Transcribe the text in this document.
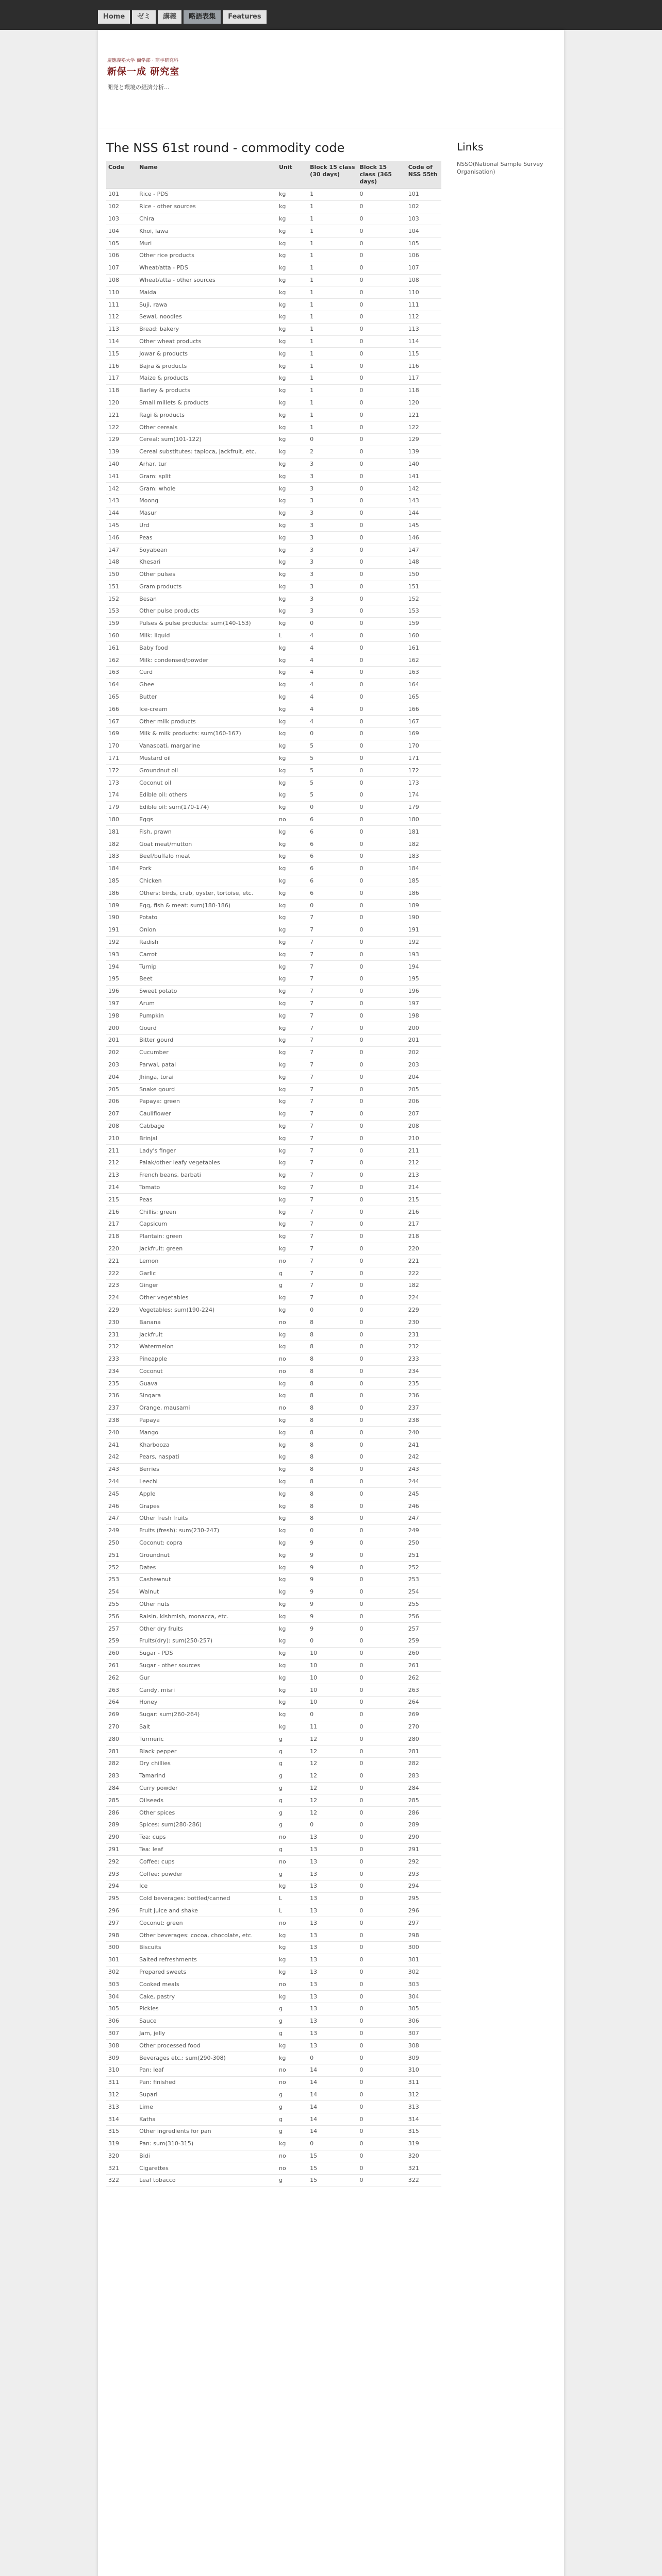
Home	ゼミ	講義	略語表集	Features
慶應義塾大学 商学部・商学研究科
新保一成 研究室
開発と環境の経済分析...
The NSS 61st round - commodity code
Code	Name	Unit	Block 15 class (30 days)	Block 15 class (365 days)	Code of NSS 55th
101	Rice - PDS	kg	1	0	101
102	Rice - other sources	kg	1	0	102
103	Chira	kg	1	0	103
104	Khoi, lawa	kg	1	0	104
105	Muri	kg	1	0	105
106	Other rice products	kg	1	0	106
107	Wheat/atta - PDS	kg	1	0	107
108	Wheat/atta - other sources	kg	1	0	108
110	Maida	kg	1	0	110
111	Suji, rawa	kg	1	0	111
112	Sewai, noodles	kg	1	0	112
113	Bread: bakery	kg	1	0	113
114	Other wheat products	kg	1	0	114
115	Jowar & products	kg	1	0	115
116	Bajra & products	kg	1	0	116
117	Maize & products	kg	1	0	117
118	Barley & products	kg	1	0	118
120	Small millets & products	kg	1	0	120
121	Ragi & products	kg	1	0	121
122	Other cereals	kg	1	0	122
129	Cereal: sum(101-122)	kg	0	0	129
139	Cereal substitutes: tapioca, jackfruit, etc.	kg	2	0	139
140	Arhar, tur	kg	3	0	140
141	Gram: split	kg	3	0	141
142	Gram: whole	kg	3	0	142
143	Moong	kg	3	0	143
144	Masur	kg	3	0	144
145	Urd	kg	3	0	145
146	Peas	kg	3	0	146
147	Soyabean	kg	3	0	147
148	Khesari	kg	3	0	148
150	Other pulses	kg	3	0	150
151	Gram products	kg	3	0	151
152	Besan	kg	3	0	152
153	Other pulse products	kg	3	0	153
159	Pulses & pulse products: sum(140-153)	kg	0	0	159
160	Milk: liquid	L	4	0	160
161	Baby food	kg	4	0	161
162	Milk: condensed/powder	kg	4	0	162
163	Curd	kg	4	0	163
164	Ghee	kg	4	0	164
165	Butter	kg	4	0	165
166	Ice-cream	kg	4	0	166
167	Other milk products	kg	4	0	167
169	Milk & milk products: sum(160-167)	kg	0	0	169
170	Vanaspati, margarine	kg	5	0	170
171	Mustard oil	kg	5	0	171
172	Groundnut oil	kg	5	0	172
173	Coconut oil	kg	5	0	173
174	Edible oil: others	kg	5	0	174
179	Edible oil: sum(170-174)	kg	0	0	179
180	Eggs	no	6	0	180
181	Fish, prawn	kg	6	0	181
182	Goat meat/mutton	kg	6	0	182
183	Beef/buffalo meat	kg	6	0	183
184	Pork	kg	6	0	184
185	Chicken	kg	6	0	185
186	Others: birds, crab, oyster, tortoise, etc.	kg	6	0	186
189	Egg, fish & meat: sum(180-186)	kg	0	0	189
190	Potato	kg	7	0	190
191	Onion	kg	7	0	191
192	Radish	kg	7	0	192
193	Carrot	kg	7	0	193
194	Turnip	kg	7	0	194
195	Beet	kg	7	0	195
196	Sweet potato	kg	7	0	196
197	Arum	kg	7	0	197
198	Pumpkin	kg	7	0	198
200	Gourd	kg	7	0	200
201	Bitter gourd	kg	7	0	201
202	Cucumber	kg	7	0	202
203	Parwal, patal	kg	7	0	203
204	Jhinga, torai	kg	7	0	204
205	Snake gourd	kg	7	0	205
206	Papaya: green	kg	7	0	206
207	Cauliflower	kg	7	0	207
208	Cabbage	kg	7	0	208
210	Brinjal	kg	7	0	210
211	Lady's finger	kg	7	0	211
212	Palak/other leafy vegetables	kg	7	0	212
213	French beans, barbati	kg	7	0	213
214	Tomato	kg	7	0	214
215	Peas	kg	7	0	215
216	Chillis: green	kg	7	0	216
217	Capsicum	kg	7	0	217
218	Plantain: green	kg	7	0	218
220	Jackfruit: green	kg	7	0	220
221	Lemon	no	7	0	221
222	Garlic	g	7	0	222
223	Ginger	g	7	0	182
224	Other vegetables	kg	7	0	224
229	Vegetables: sum(190-224)	kg	0	0	229
230	Banana	no	8	0	230
231	Jackfruit	kg	8	0	231
232	Watermelon	kg	8	0	232
233	Pineapple	no	8	0	233
234	Coconut	no	8	0	234
235	Guava	kg	8	0	235
236	Singara	kg	8	0	236
237	Orange, mausami	no	8	0	237
238	Papaya	kg	8	0	238
240	Mango	kg	8	0	240
241	Kharbooza	kg	8	0	241
242	Pears, naspati	kg	8	0	242
243	Berries	kg	8	0	243
244	Leechi	kg	8	0	244
245	Apple	kg	8	0	245
246	Grapes	kg	8	0	246
247	Other fresh fruits	kg	8	0	247
249	Fruits (fresh): sum(230-247)	kg	0	0	249
250	Coconut: copra	kg	9	0	250
251	Groundnut	kg	9	0	251
252	Dates	kg	9	0	252
253	Cashewnut	kg	9	0	253
254	Walnut	kg	9	0	254
255	Other nuts	kg	9	0	255
256	Raisin, kishmish, monacca, etc.	kg	9	0	256
257	Other dry fruits	kg	9	0	257
259	Fruits(dry): sum(250-257)	kg	0	0	259
260	Sugar - PDS	kg	10	0	260
261	Sugar - other sources	kg	10	0	261
262	Gur	kg	10	0	262
263	Candy, misri	kg	10	0	263
264	Honey	kg	10	0	264
269	Sugar: sum(260-264)	kg	0	0	269
270	Salt	kg	11	0	270
280	Turmeric	g	12	0	280
281	Black pepper	g	12	0	281
282	Dry chillies	g	12	0	282
283	Tamarind	g	12	0	283
284	Curry powder	g	12	0	284
285	Oilseeds	g	12	0	285
286	Other spices	g	12	0	286
289	Spices: sum(280-286)	g	0	0	289
290	Tea: cups	no	13	0	290
291	Tea: leaf	g	13	0	291
292	Coffee: cups	no	13	0	292
293	Coffee: powder	g	13	0	293
294	Ice	kg	13	0	294
295	Cold beverages: bottled/canned	L	13	0	295
296	Fruit juice and shake	L	13	0	296
297	Coconut: green	no	13	0	297
298	Other beverages: cocoa, chocolate, etc.	kg	13	0	298
300	Biscuits	kg	13	0	300
301	Salted refreshments	kg	13	0	301
302	Prepared sweets	kg	13	0	302
303	Cooked meals	no	13	0	303
304	Cake, pastry	kg	13	0	304
305	Pickles	g	13	0	305
306	Sauce	g	13	0	306
307	Jam, jelly	g	13	0	307
308	Other processed food	kg	13	0	308
309	Beverages etc.: sum(290-308)	kg	0	0	309
310	Pan: leaf	no	14	0	310
311	Pan: finished	no	14	0	311
312	Supari	g	14	0	312
313	Lime	g	14	0	313
314	Katha	g	14	0	314
315	Other ingredients for pan	g	14	0	315
319	Pan: sum(310-315)	kg	0	0	319
320	Bidi	no	15	0	320
321	Cigarettes	no	15	0	321
322	Leaf tobacco	g	15	0	322
Links
NSSO(National Sample Survey Organisation)
